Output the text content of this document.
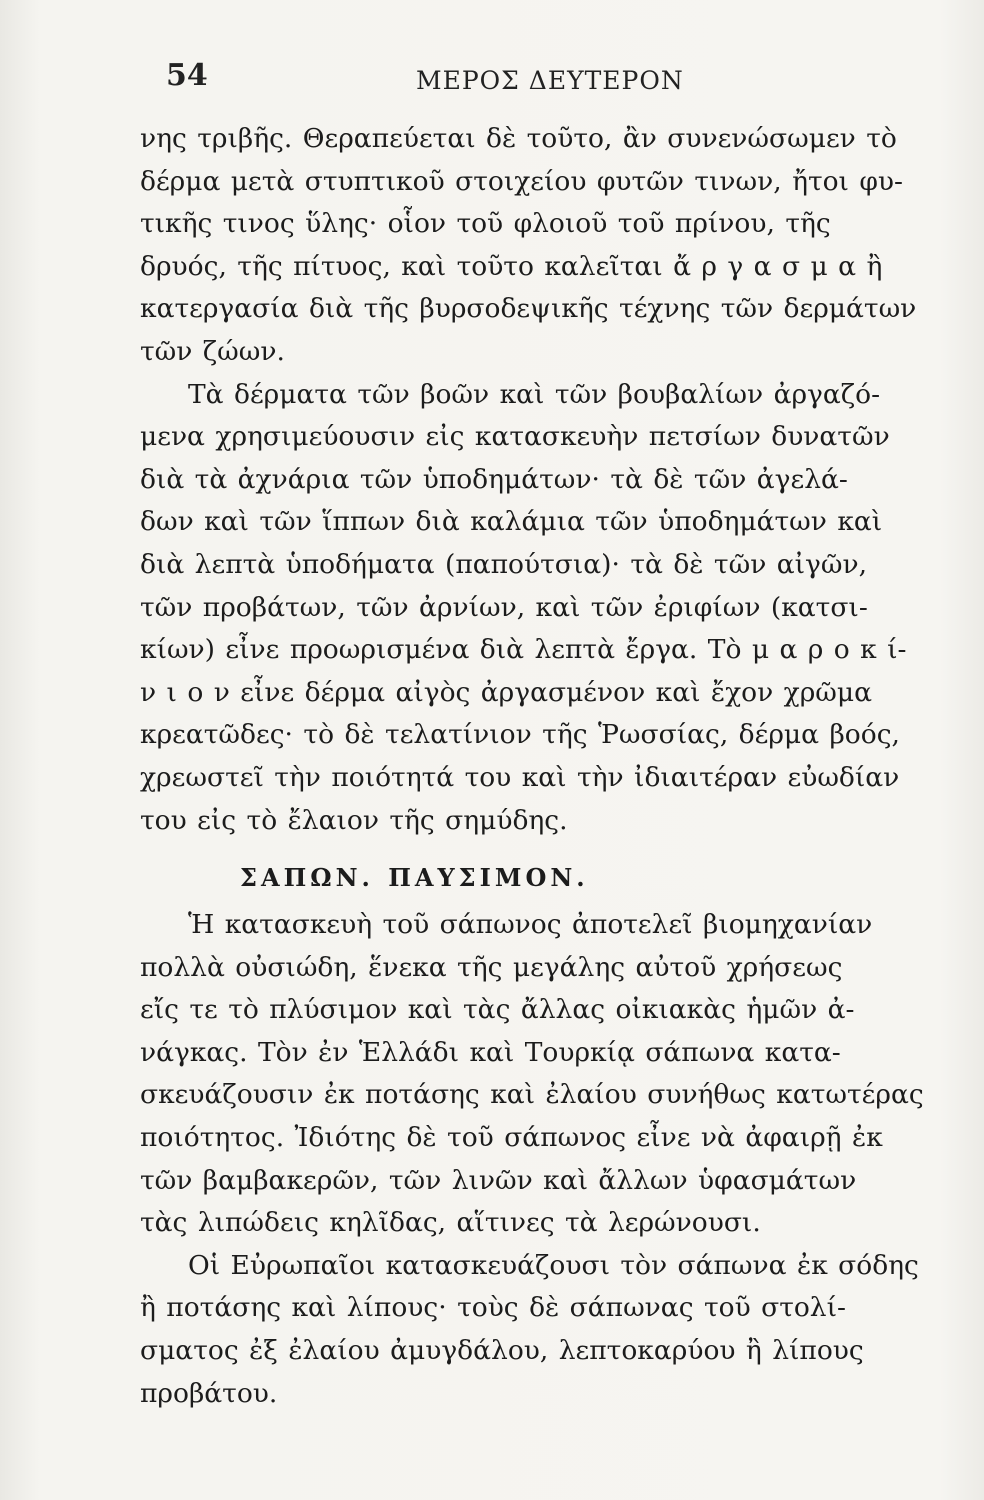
54	ΜΕΡΟΣ ΔΕΥΤΕΡΟΝ
νης τριβῆς. Θεραπεύεται δὲ τοῦτο, ἂν συνενώσωμεν τὸ
δέρμα μετὰ στυπτικοῦ στοιχείου φυτῶν τινων, ἤτοι φυ-
τικῆς τινος ὕλης· οἷον τοῦ φλοιοῦ τοῦ πρίνου, τῆς
δρυός, τῆς πίτυος, καὶ τοῦτο καλεῖται ἄ ρ γ α σ μ α ἢ
κατεργασία διὰ τῆς βυρσοδεψικῆς τέχνης τῶν δερμάτων
τῶν ζώων.
Τὰ δέρματα τῶν βοῶν καὶ τῶν βουβαλίων ἀργαζό-
μενα χρησιμεύουσιν εἰς κατασκευὴν πετσίων δυνατῶν
διὰ τὰ ἀχνάρια τῶν ὑποδημάτων· τὰ δὲ τῶν ἀγελά-
δων καὶ τῶν ἵππων διὰ καλάμια τῶν ὑποδημάτων καὶ
διὰ λεπτὰ ὑποδήματα (παπούτσια)· τὰ δὲ τῶν αἰγῶν,
τῶν προβάτων, τῶν ἀρνίων, καὶ τῶν ἐριφίων (κατσι-
κίων) εἶνε προωρισμένα διὰ λεπτὰ ἔργα. Τὸ μ α ρ ο κ ί-
ν ι ο ν εἶνε δέρμα αἰγὸς ἀργασμένον καὶ ἔχον χρῶμα
κρεατῶδες· τὸ δὲ τελατίνιον τῆς Ῥωσσίας, δέρμα βοός,
χρεωστεῖ τὴν ποιότητά του καὶ τὴν ἰδιαιτέραν εὐωδίαν
του εἰς τὸ ἔλαιον τῆς σημύδης.
ΣΑΠΩΝ. ΠΑΥΣΙΜΟΝ.
Ἡ κατασκευὴ τοῦ σάπωνος ἀποτελεῖ βιομηχανίαν
πολλὰ οὐσιώδη, ἕνεκα τῆς μεγάλης αὐτοῦ χρήσεως
εἴς τε τὸ πλύσιμον καὶ τὰς ἄλλας οἰκιακὰς ἡμῶν ἀ-
νάγκας. Τὸν ἐν Ἑλλάδι καὶ Τουρκίᾳ σάπωνα κατα-
σκευάζουσιν ἐκ ποτάσης καὶ ἐλαίου συνήθως κατωτέρας
ποιότητος. Ἰδιότης δὲ τοῦ σάπωνος εἶνε νὰ ἀφαιρῇ ἐκ
τῶν βαμβακερῶν, τῶν λινῶν καὶ ἄλλων ὑφασμάτων
τὰς λιπώδεις κηλῖδας, αἵτινες τὰ λερώνουσι.
Οἱ Εὐρωπαῖοι κατασκευάζουσι τὸν σάπωνα ἐκ σόδης
ἢ ποτάσης καὶ λίπους· τοὺς δὲ σάπωνας τοῦ στολί-
σματος ἐξ ἐλαίου ἀμυγδάλου, λεπτοκαρύου ἢ λίπους
προβάτου.
